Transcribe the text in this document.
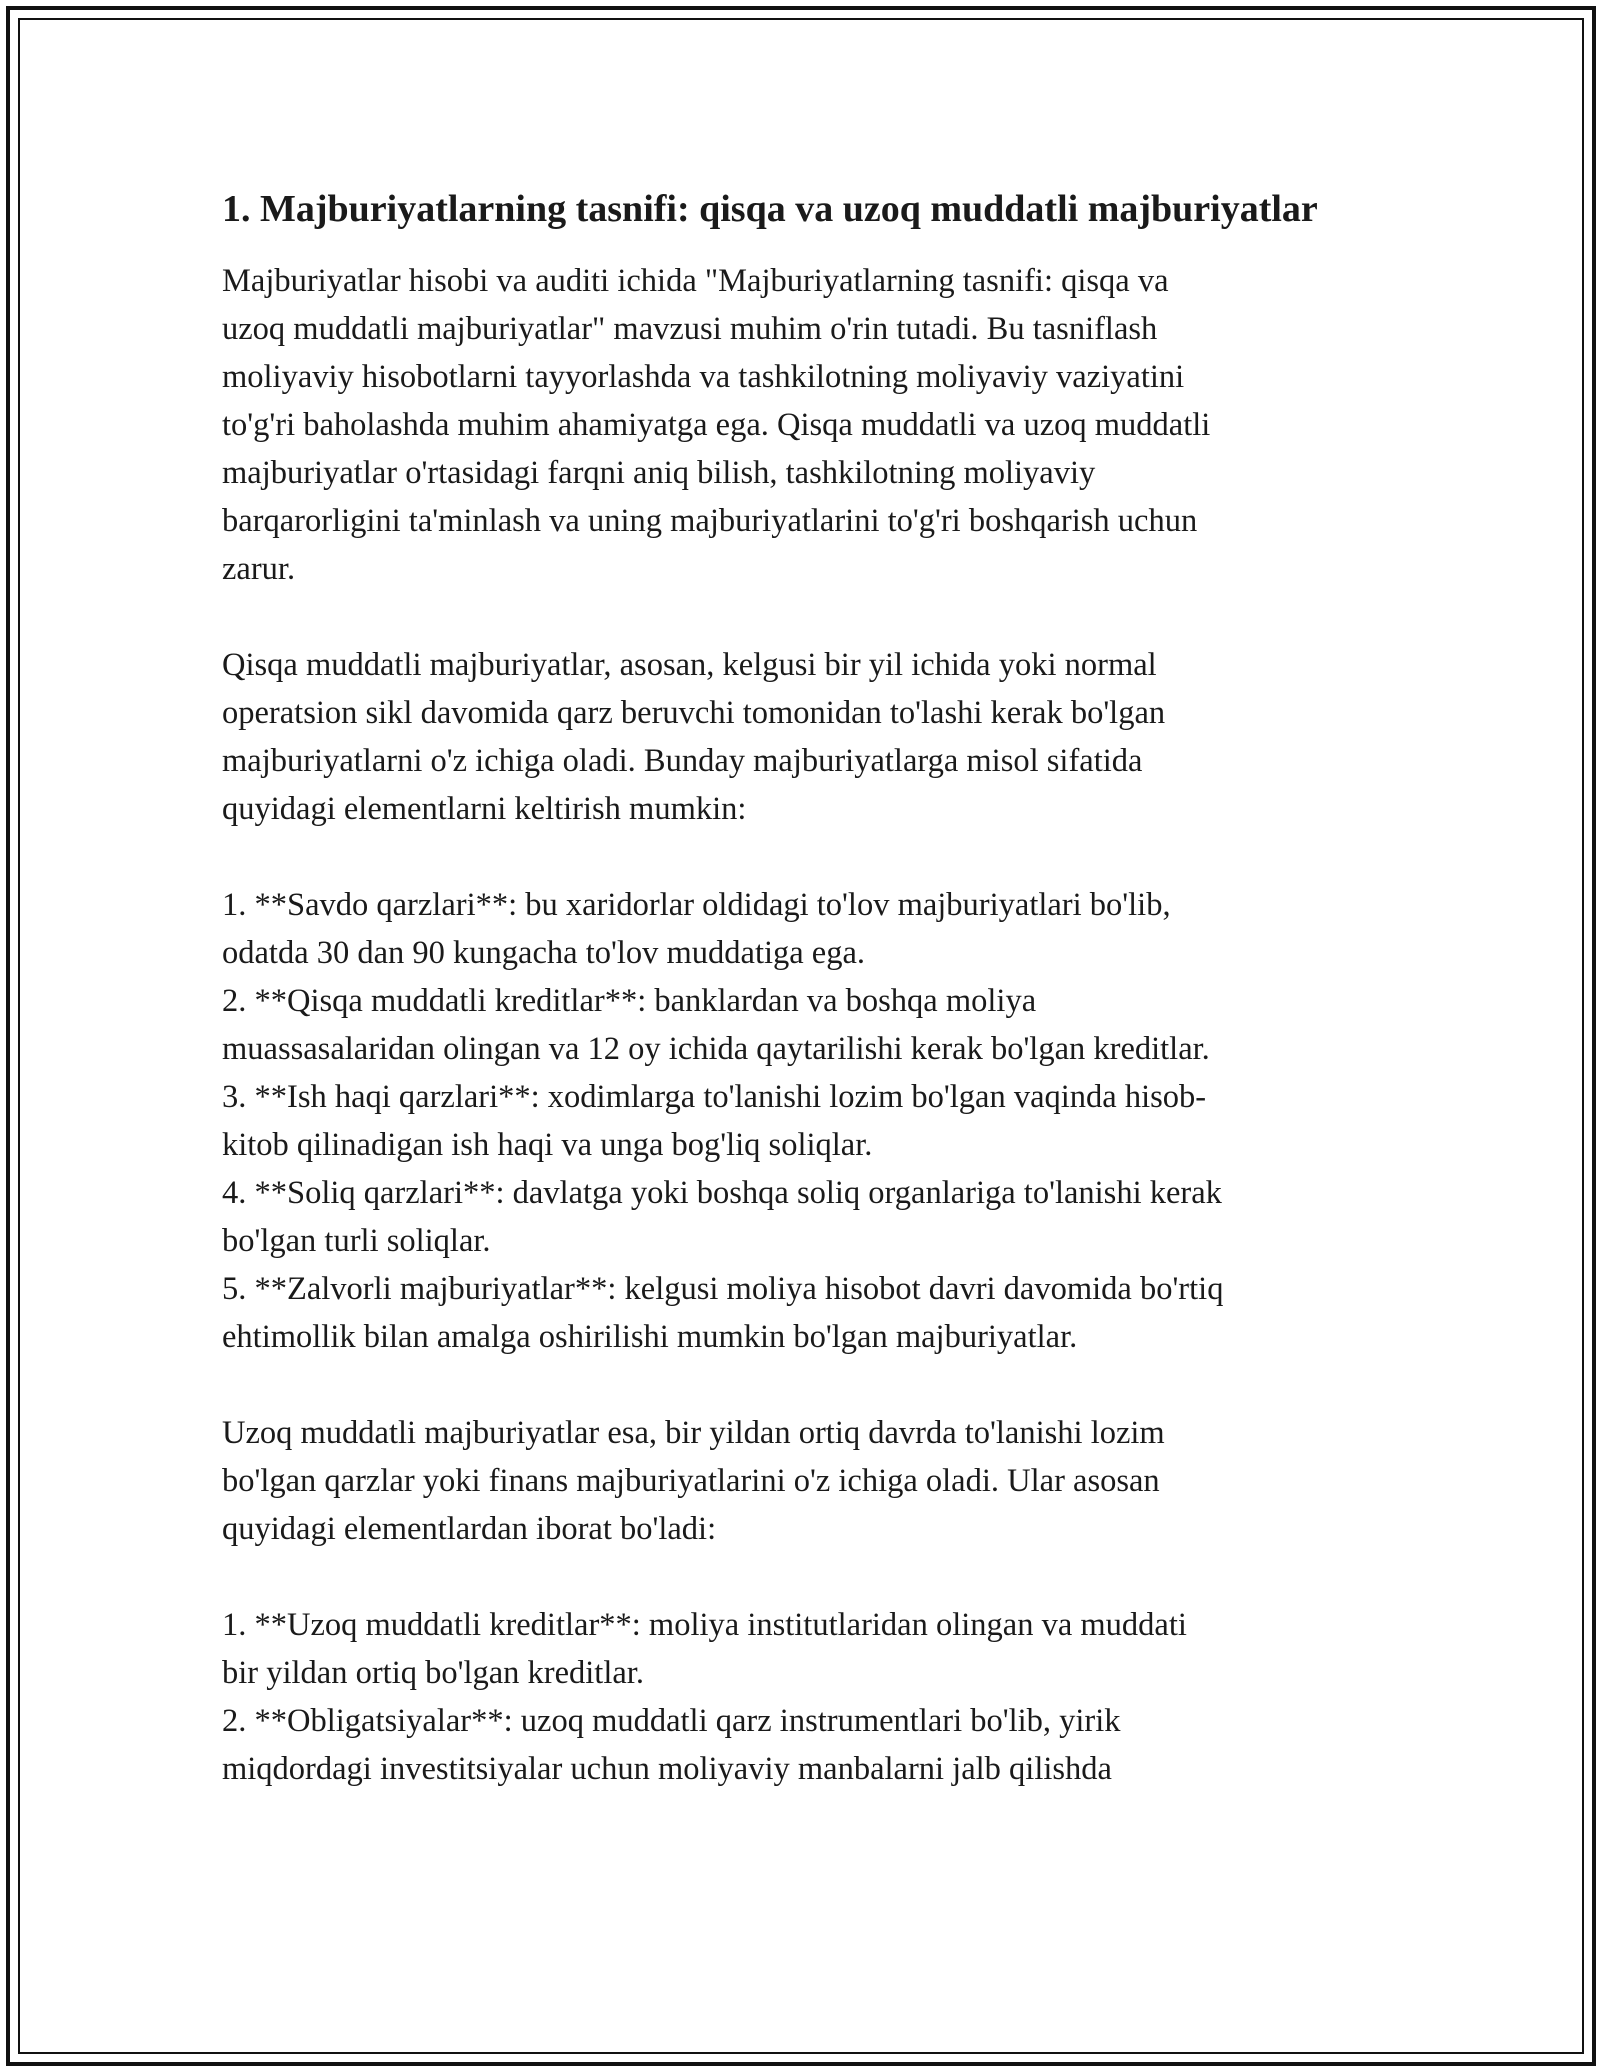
1. Majburiyatlarning tasnifi: qisqa va uzoq muddatli majburiyatlar

Majburiyatlar hisobi va auditi ichida "Majburiyatlarning tasnifi: qisqa va
uzoq muddatli majburiyatlar" mavzusi muhim o'rin tutadi. Bu tasniflash
moliyaviy hisobotlarni tayyorlashda va tashkilotning moliyaviy vaziyatini
to'g'ri baholashda muhim ahamiyatga ega. Qisqa muddatli va uzoq muddatli
majburiyatlar o'rtasidagi farqni aniq bilish, tashkilotning moliyaviy
barqarorligini ta'minlash va uning majburiyatlarini to'g'ri boshqarish uchun
zarur.

Qisqa muddatli majburiyatlar, asosan, kelgusi bir yil ichida yoki normal
operatsion sikl davomida qarz beruvchi tomonidan to'lashi kerak bo'lgan
majburiyatlarni o'z ichiga oladi. Bunday majburiyatlarga misol sifatida
quyidagi elementlarni keltirish mumkin:

1. **Savdo qarzlari**: bu xaridorlar oldidagi to'lov majburiyatlari bo'lib,
odatda 30 dan 90 kungacha to'lov muddatiga ega.
2. **Qisqa muddatli kreditlar**: banklardan va boshqa moliya
muassasalaridan olingan va 12 oy ichida qaytarilishi kerak bo'lgan kreditlar.
3. **Ish haqi qarzlari**: xodimlarga to'lanishi lozim bo'lgan vaqinda hisob-
kitob qilinadigan ish haqi va unga bog'liq soliqlar.
4. **Soliq qarzlari**: davlatga yoki boshqa soliq organlariga to'lanishi kerak
bo'lgan turli soliqlar.
5. **Zalvorli majburiyatlar**: kelgusi moliya hisobot davri davomida bo'rtiq
ehtimollik bilan amalga oshirilishi mumkin bo'lgan majburiyatlar.

Uzoq muddatli majburiyatlar esa, bir yildan ortiq davrda to'lanishi lozim
bo'lgan qarzlar yoki finans majburiyatlarini o'z ichiga oladi. Ular asosan
quyidagi elementlardan iborat bo'ladi:

1. **Uzoq muddatli kreditlar**: moliya institutlaridan olingan va muddati
bir yildan ortiq bo'lgan kreditlar.
2. **Obligatsiyalar**: uzoq muddatli qarz instrumentlari bo'lib, yirik
miqdordagi investitsiyalar uchun moliyaviy manbalarni jalb qilishda
